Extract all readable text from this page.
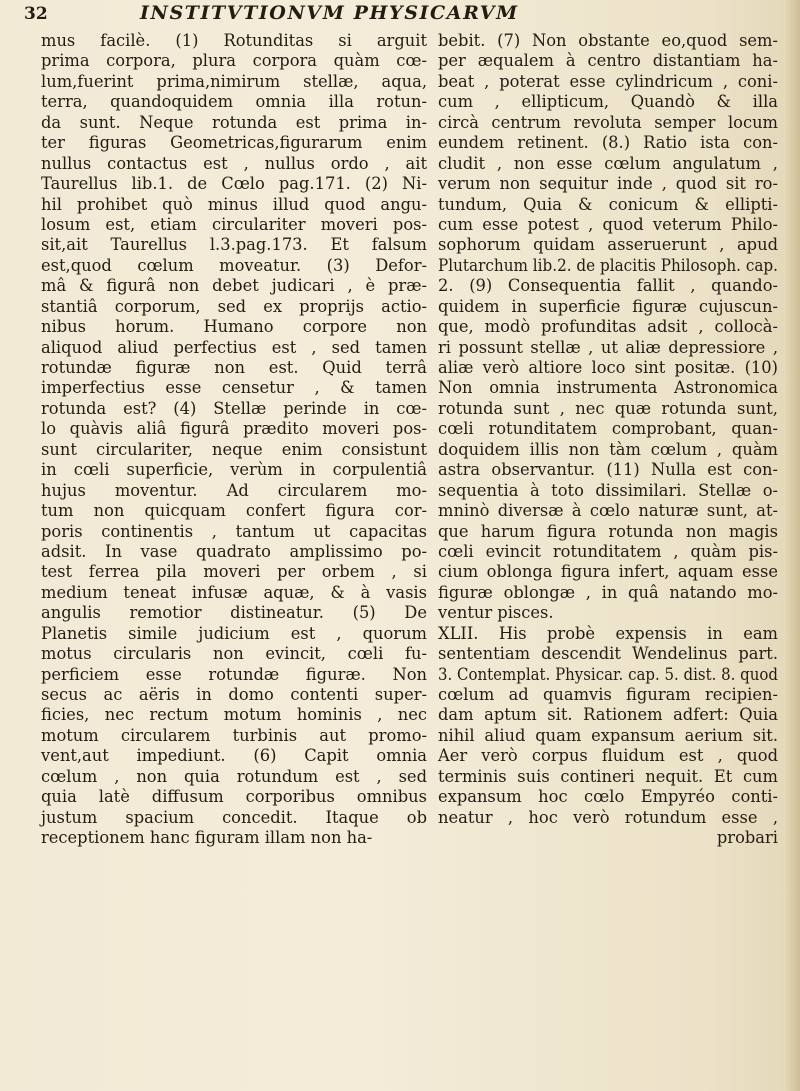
32	INSTITVTIONVM PHYSICARVM
mus facilè. (1) Rotunditas si arguit
prima corpora, plura corpora quàm cœ-
lum,fuerint prima,nimirum stellæ, aqua,
terra, quandoquidem omnia illa rotun-
da sunt. Neque rotunda est prima in-
ter figuras Geometricas,figurarum enim
nullus contactus est , nullus ordo , ait
Taurellus lib.1. de Cœlo pag.171. (2) Ni-
hil prohibet quò minus illud quod angu-
losum est, etiam circulariter moveri pos-
sit,ait Taurellus l.3.pag.173. Et falsum
est,quod cœlum moveatur. (3) Defor-
mâ & figurâ non debet judicari , è præ-
stantiâ corporum, sed ex proprijs actio-
nibus horum. Humano corpore non
aliquod aliud perfectius est , sed tamen
rotundæ figuræ non est. Quid terrâ
imperfectius esse censetur , & tamen
rotunda est? (4) Stellæ perinde in cœ-
lo quàvis aliâ figurâ prædito moveri pos-
sunt circulariter, neque enim consistunt
in cœli superficie, verùm in corpulentiâ
hujus moventur. Ad circularem mo-
tum non quicquam confert figura cor-
poris continentis , tantum ut capacitas
adsit. In vase quadrato amplissimo po-
test ferrea pila moveri per orbem , si
medium teneat infusæ aquæ, & à vasis
angulis remotior distineatur. (5) De
Planetis simile judicium est , quorum
motus circularis non evincit, cœli fu-
perficiem esse rotundæ figuræ. Non
secus ac aëris in domo contenti super-
ficies, nec rectum motum hominis , nec
motum circularem turbinis aut promo-
vent,aut impediunt. (6) Capit omnia
cœlum , non quia rotundum est , sed
quia latè diffusum corporibus omnibus
justum spacium concedit. Itaque ob
receptionem hanc figuram illam non ha-
bebit. (7) Non obstante eo,quod sem-
per æqualem à centro distantiam ha-
beat , poterat esse cylindricum , coni-
cum , ellipticum, Quandò & illa
circà centrum revoluta semper locum
eundem retinent. (8.) Ratio ista con-
cludit , non esse cœlum angulatum ,
verum non sequitur inde , quod sit ro-
tundum, Quia & conicum & ellipti-
cum esse potest , quod veterum Philo-
sophorum quidam asseruerunt , apud
Plutarchum lib.2. de placitis Philosoph. cap.
2. (9) Consequentia fallit , quando-
quidem in superficie figuræ cujuscun-
que, modò profunditas adsit , collocà-
ri possunt stellæ , ut aliæ depressiore ,
aliæ verò altiore loco sint positæ. (10)
Non omnia instrumenta Astronomica
rotunda sunt , nec quæ rotunda sunt,
cœli rotunditatem comprobant, quan-
doquidem illis non tàm cœlum , quàm
astra observantur. (11) Nulla est con-
sequentia à toto dissimilari. Stellæ o-
mninò diversæ à cœlo naturæ sunt, at-
que harum figura rotunda non magis
cœli evincit rotunditatem , quàm pis-
cium oblonga figura infert, aquam esse
figuræ oblongæ , in quâ natando mo-
ventur pisces.
XLII. His probè expensis in eam
sententiam descendit Wendelinus part.
3. Contemplat. Physicar. cap. 5. dist. 8. quod
cœlum ad quamvis figuram recipien-
dam aptum sit. Rationem adfert: Quia
nihil aliud quam expansum aerium sit.
Aer verò corpus fluidum est , quod
terminis suis contineri nequit. Et cum
expansum hoc cœlo Empyréo conti-
neatur , hoc verò rotundum esse ,
probari
